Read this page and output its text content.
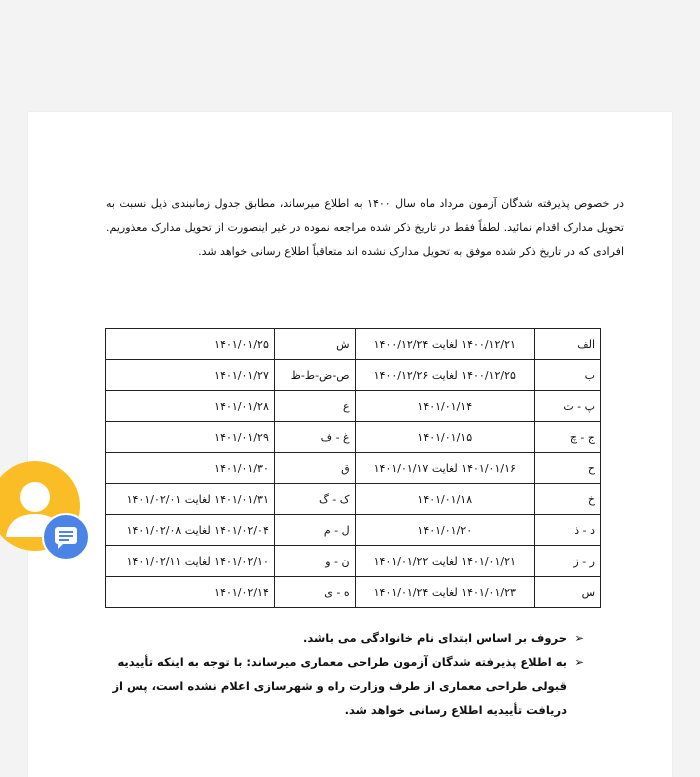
در خصوص پذیرفته شدگان آزمون مرداد ماه سال ۱۴۰۰ به اطلاع میرساند، مطابق جدول زمانبندی ذیل نسبت به تحویل مدارک اقدام نمائید. لطفاً فقط در تاریخ ذکر شده مراجعه نموده در غیر اینصورت از تحویل مدارک معذوریم. افرادی که در تاریخ ذکر شده موفق به تحویل مدارک نشده اند متعاقباً اطلاع رسانی خواهد شد.

الف	۱۴۰۰/۱۲/۲۱ لغایت ۱۴۰۰/۱۲/۲۴	ش	۱۴۰۱/۰۱/۲۵
ب	۱۴۰۰/۱۲/۲۵ لغایت ۱۴۰۰/۱۲/۲۶	ص-ض-ط-ظ	۱۴۰۱/۰۱/۲۷
پ - ت	۱۴۰۱/۰۱/۱۴	ع	۱۴۰۱/۰۱/۲۸
ج - چ	۱۴۰۱/۰۱/۱۵	غ - ف	۱۴۰۱/۰۱/۲۹
ح	۱۴۰۱/۰۱/۱۶ لغایت ۱۴۰۱/۰۱/۱۷	ق	۱۴۰۱/۰۱/۳۰
خ	۱۴۰۱/۰۱/۱۸	ک - گ	۱۴۰۱/۰۱/۳۱ لغایت ۱۴۰۱/۰۲/۰۱
د - ذ	۱۴۰۱/۰۱/۲۰	ل - م	۱۴۰۱/۰۲/۰۴ لغایت ۱۴۰۱/۰۲/۰۸
ر - ز	۱۴۰۱/۰۱/۲۱ لغایت ۱۴۰۱/۰۱/۲۲	ن - و	۱۴۰۱/۰۲/۱۰ لغایت ۱۴۰۱/۰۲/۱۱
س	۱۴۰۱/۰۱/۲۳ لغایت ۱۴۰۱/۰۱/۲۴	ه - ی	۱۴۰۱/۰۲/۱۴
➢
حروف بر اساس ابتدای نام خانوادگی می باشد.
➢
به اطلاع پذیرفته شدگان آزمون طراحی معماری میرساند: با توجه به اینکه تأییدیه قبولی طراحی معماری از طرف وزارت راه و شهرسازی اعلام نشده است، پس از دریافت تأییدیه اطلاع رسانی خواهد شد.
